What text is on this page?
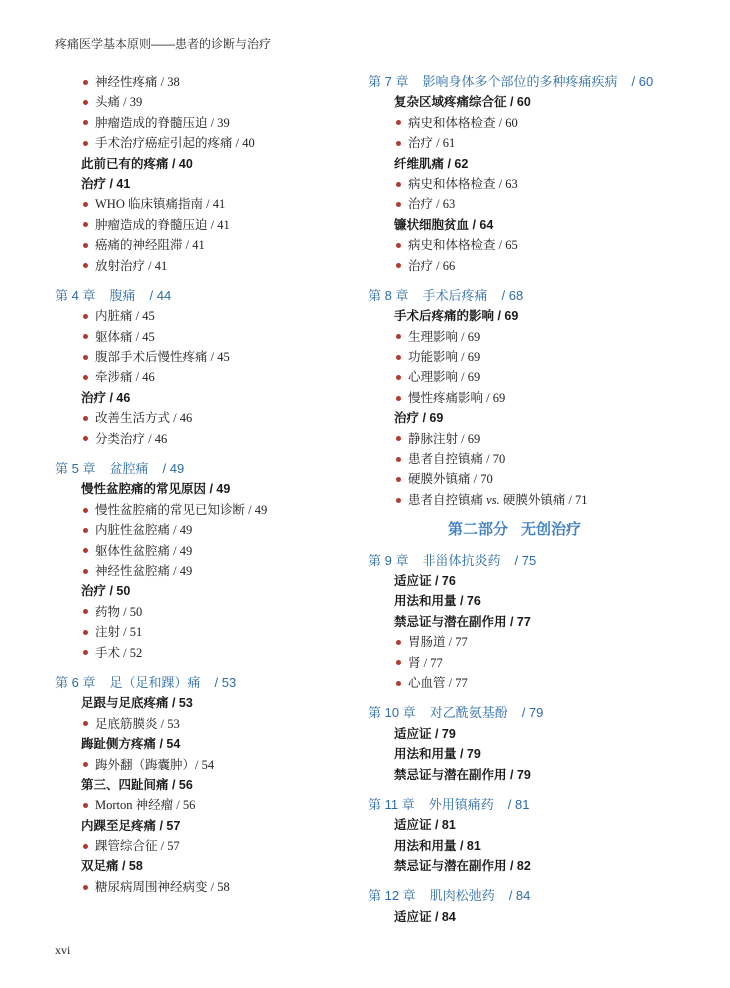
疼痛医学基本原则——患者的诊断与治疗
神经性疼痛 / 38
头痛 / 39
肿瘤造成的脊髓压迫 / 39
手术治疗癌症引起的疼痛 / 40
此前已有的疼痛 / 40
治疗 / 41
WHO 临床镇痛指南 / 41
肿瘤造成的脊髓压迫 / 41
癌痛的神经阻滞 / 41
放射治疗 / 41
第 4 章 腹痛 / 44
内脏痛 / 45
躯体痛 / 45
腹部手术后慢性疼痛 / 45
牵涉痛 / 46
治疗 / 46
改善生活方式 / 46
分类治疗 / 46
第 5 章 盆腔痛 / 49
慢性盆腔痛的常见原因 / 49
慢性盆腔痛的常见已知诊断 / 49
内脏性盆腔痛 / 49
躯体性盆腔痛 / 49
神经性盆腔痛 / 49
治疗 / 50
药物 / 50
注射 / 51
手术 / 52
第 6 章 足（足和踝）痛 / 53
足跟与足底疼痛 / 53
足底筋膜炎 / 53
踇趾侧方疼痛 / 54
踇外翻（踇囊肿）/ 54
第三、四趾间痛 / 56
Morton 神经瘤 / 56
内踝至足疼痛 / 57
踝管综合征 / 57
双足痛 / 58
糖尿病周围神经病变 / 58
第 7 章 影响身体多个部位的多种疼痛疾病 / 60
复杂区域疼痛综合征 / 60
病史和体格检查 / 60
治疗 / 61
纤维肌痛 / 62
病史和体格检查 / 63
治疗 / 63
镰状细胞贫血 / 64
病史和体格检查 / 65
治疗 / 66
第 8 章 手术后疼痛 / 68
手术后疼痛的影响 / 69
生理影响 / 69
功能影响 / 69
心理影响 / 69
慢性疼痛影响 / 69
治疗 / 69
静脉注射 / 69
患者自控镇痛 / 70
硬膜外镇痛 / 70
患者自控镇痛 vs. 硬膜外镇痛 / 71
第二部分 无创治疗
第 9 章 非甾体抗炎药 / 75
适应证 / 76
用法和用量 / 76
禁忌证与潜在副作用 / 77
胃肠道 / 77
肾 / 77
心血管 / 77
第 10 章 对乙酰氨基酚 / 79
适应证 / 79
用法和用量 / 79
禁忌证与潜在副作用 / 79
第 11 章 外用镇痛药 / 81
适应证 / 81
用法和用量 / 81
禁忌证与潜在副作用 / 82
第 12 章 肌肉松弛药 / 84
适应证 / 84
xvi
